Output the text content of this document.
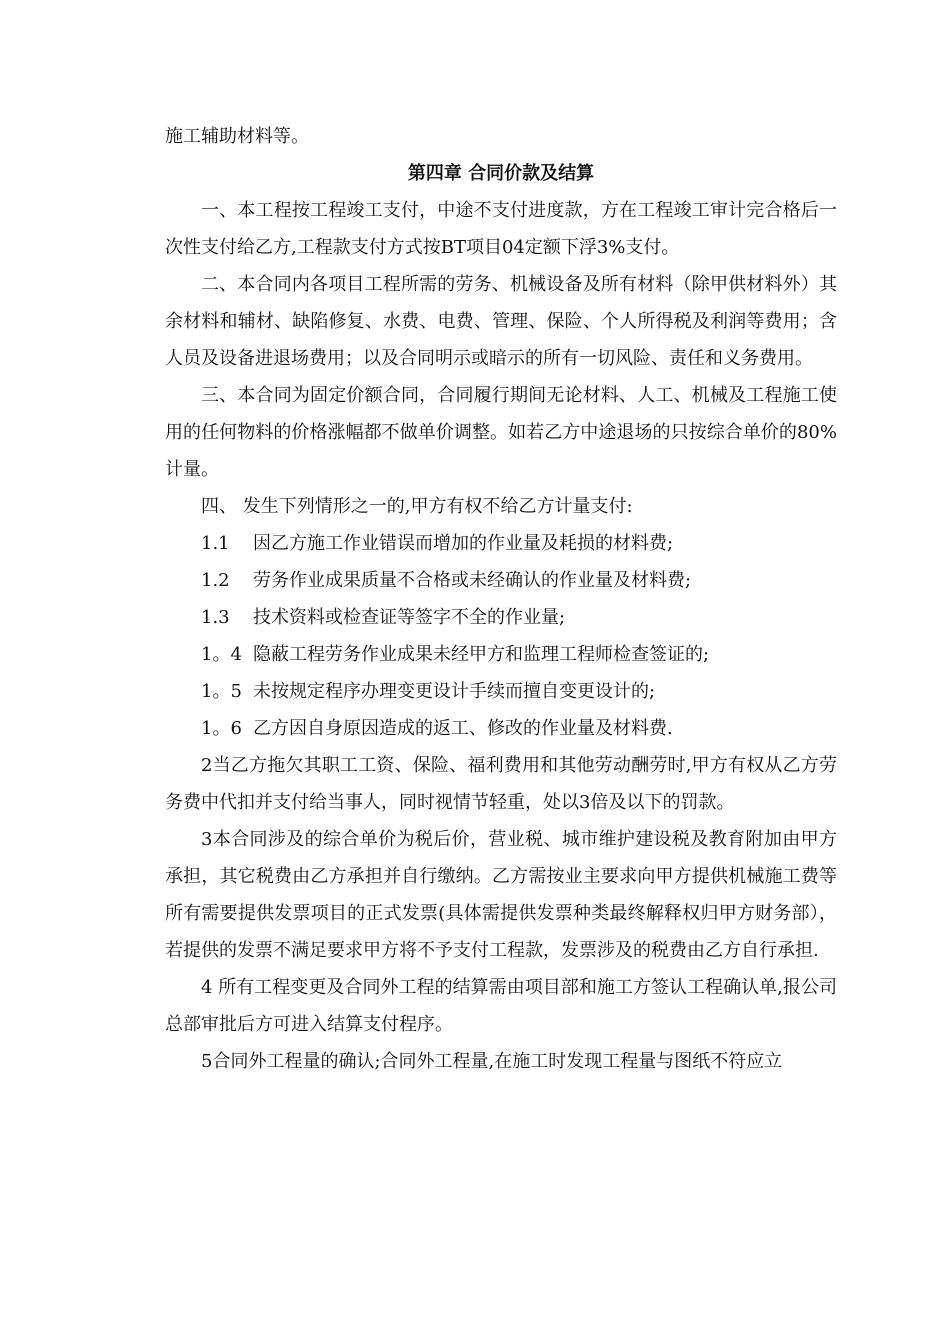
施工辅助材料等。

第四章 合同价款及结算

一、本工程按工程竣工支付，中途不支付进度款，方在工程竣工审计完合格后一次性支付给乙方,工程款支付方式按BT项目04定额下浮3%支付。

二、本合同内各项目工程所需的劳务、机械设备及所有材料（除甲供材料外）其余材料和辅材、缺陷修复、水费、电费、管理、保险、个人所得税及利润等费用；含人员及设备进退场费用；以及合同明示或暗示的所有一切风险、责任和义务费用。

三、本合同为固定价额合同，合同履行期间无论材料、人工、机械及工程施工使用的任何物料的价格涨幅都不做单价调整。如若乙方中途退场的只按综合单价的80%计量。

四、 发生下列情形之一的,甲方有权不给乙方计量支付:

1.1 因乙方施工作业错误而增加的作业量及耗损的材料费;

1.2 劳务作业成果质量不合格或未经确认的作业量及材料费;

1.3 技术资料或检查证等签字不全的作业量;

1。4 隐蔽工程劳务作业成果未经甲方和监理工程师检查签证的;

1。5 未按规定程序办理变更设计手续而擅自变更设计的;

1。6 乙方因自身原因造成的返工、修改的作业量及材料费.

2当乙方拖欠其职工工资、保险、福利费用和其他劳动酬劳时,甲方有权从乙方劳务费中代扣并支付给当事人，同时视情节轻重，处以3倍及以下的罚款。

3本合同涉及的综合单价为税后价，营业税、城市维护建设税及教育附加由甲方承担，其它税费由乙方承担并自行缴纳。乙方需按业主要求向甲方提供机械施工费等所有需要提供发票项目的正式发票(具体需提供发票种类最终解释权归甲方财务部），若提供的发票不满足要求甲方将不予支付工程款，发票涉及的税费由乙方自行承担.

4 所有工程变更及合同外工程的结算需由项目部和施工方签认工程确认单,报公司总部审批后方可进入结算支付程序。

5合同外工程量的确认;合同外工程量,在施工时发现工程量与图纸不符应立
